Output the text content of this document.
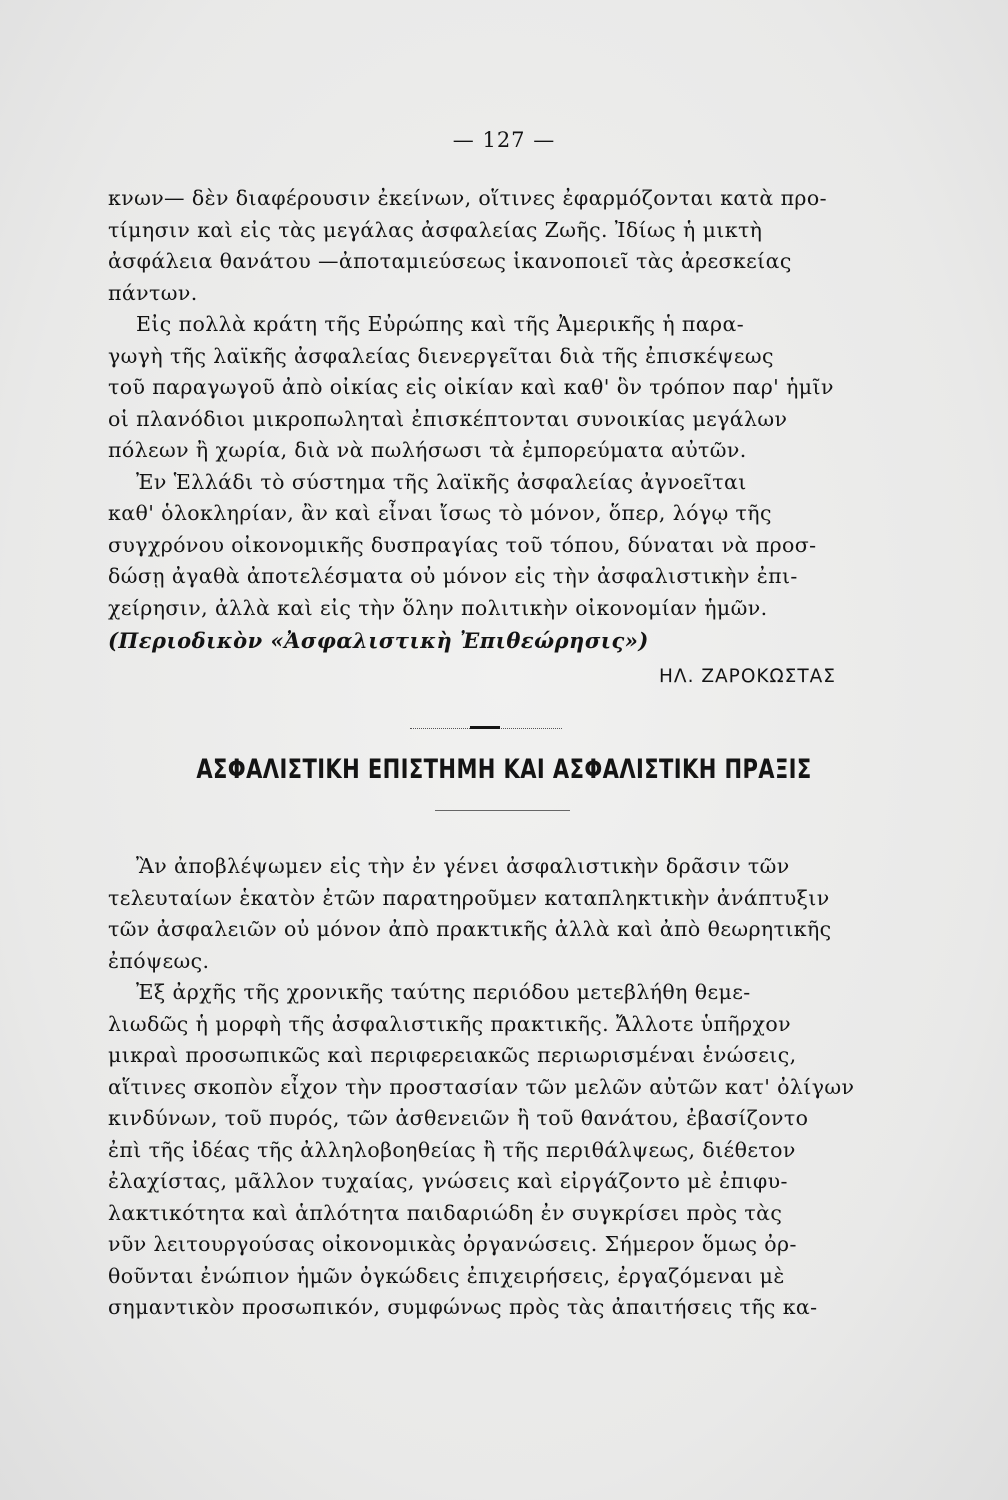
— 127 —
κνων— δὲν διαφέρουσιν ἐκείνων, οἵτινες ἐφαρμόζονται κατὰ προ-
τίμησιν καὶ εἰς τὰς μεγάλας ἀσφαλείας Ζωῆς. Ἰδίως ἡ μικτὴ
ἀσφάλεια θανάτου —ἀποταμιεύσεως ἱκανοποιεῖ τὰς ἀρεσκείας
πάντων.
Εἰς πολλὰ κράτη τῆς Εὐρώπης καὶ τῆς Ἀμερικῆς ἡ παρα-
γωγὴ τῆς λαϊκῆς ἀσφαλείας διενεργεῖται διὰ τῆς ἐπισκέψεως
τοῦ παραγωγοῦ ἀπὸ οἰκίας εἰς οἰκίαν καὶ καθ' ὃν τρόπον παρ' ἡμῖν
οἱ πλανόδιοι μικροπωληταὶ ἐπισκέπτονται συνοικίας μεγάλων
πόλεων ἢ χωρία, διὰ νὰ πωλήσωσι τὰ ἐμπορεύματα αὐτῶν.
Ἐν Ἑλλάδι τὸ σύστημα τῆς λαϊκῆς ἀσφαλείας ἀγνοεῖται
καθ' ὁλοκληρίαν, ἂν καὶ εἶναι ἴσως τὸ μόνον, ὅπερ, λόγῳ τῆς
συγχρόνου οἰκονομικῆς δυσπραγίας τοῦ τόπου, δύναται νὰ προσ-
δώσῃ ἀγαθὰ ἀποτελέσματα οὐ μόνον εἰς τὴν ἀσφαλιστικὴν ἐπι-
χείρησιν, ἀλλὰ καὶ εἰς τὴν ὅλην πολιτικὴν οἰκονομίαν ἡμῶν.
(Περιοδικὸν «Ἀσφαλιστικὴ Ἐπιθεώρησις»)
ΗΛ. ΖΑΡΟΚΩΣΤΑΣ
ΑΣΦΑΛΙΣΤΙΚΗ ΕΠΙΣΤΗΜΗ ΚΑΙ ΑΣΦΑΛΙΣΤΙΚΗ ΠΡΑΞΙΣ
Ἂν ἀποβλέψωμεν εἰς τὴν ἐν γένει ἀσφαλιστικὴν δρᾶσιν τῶν
τελευταίων ἑκατὸν ἐτῶν παρατηροῦμεν καταπληκτικὴν ἀνάπτυξιν
τῶν ἀσφαλειῶν οὐ μόνον ἀπὸ πρακτικῆς ἀλλὰ καὶ ἀπὸ θεωρητικῆς
ἐπόψεως.
Ἐξ ἀρχῆς τῆς χρονικῆς ταύτης περιόδου μετεβλήθη θεμε-
λιωδῶς ἡ μορφὴ τῆς ἀσφαλιστικῆς πρακτικῆς. Ἄλλοτε ὑπῆρχον
μικραὶ προσωπικῶς καὶ περιφερειακῶς περιωρισμέναι ἑνώσεις,
αἵτινες σκοπὸν εἶχον τὴν προστασίαν τῶν μελῶν αὐτῶν κατ' ὀλίγων
κινδύνων, τοῦ πυρός, τῶν ἀσθενειῶν ἢ τοῦ θανάτου, ἐβασίζοντο
ἐπὶ τῆς ἰδέας τῆς ἀλληλοβοηθείας ἢ τῆς περιθάλψεως, διέθετον
ἐλαχίστας, μᾶλλον τυχαίας, γνώσεις καὶ εἰργάζοντο μὲ ἐπιφυ-
λακτικότητα καὶ ἁπλότητα παιδαριώδη ἐν συγκρίσει πρὸς τὰς
νῦν λειτουργούσας οἰκονομικὰς ὀργανώσεις. Σήμερον ὅμως ὀρ-
θοῦνται ἐνώπιον ἡμῶν ὀγκώδεις ἐπιχειρήσεις, ἐργαζόμεναι μὲ
σημαντικὸν προσωπικόν, συμφώνως πρὸς τὰς ἀπαιτήσεις τῆς κα-
